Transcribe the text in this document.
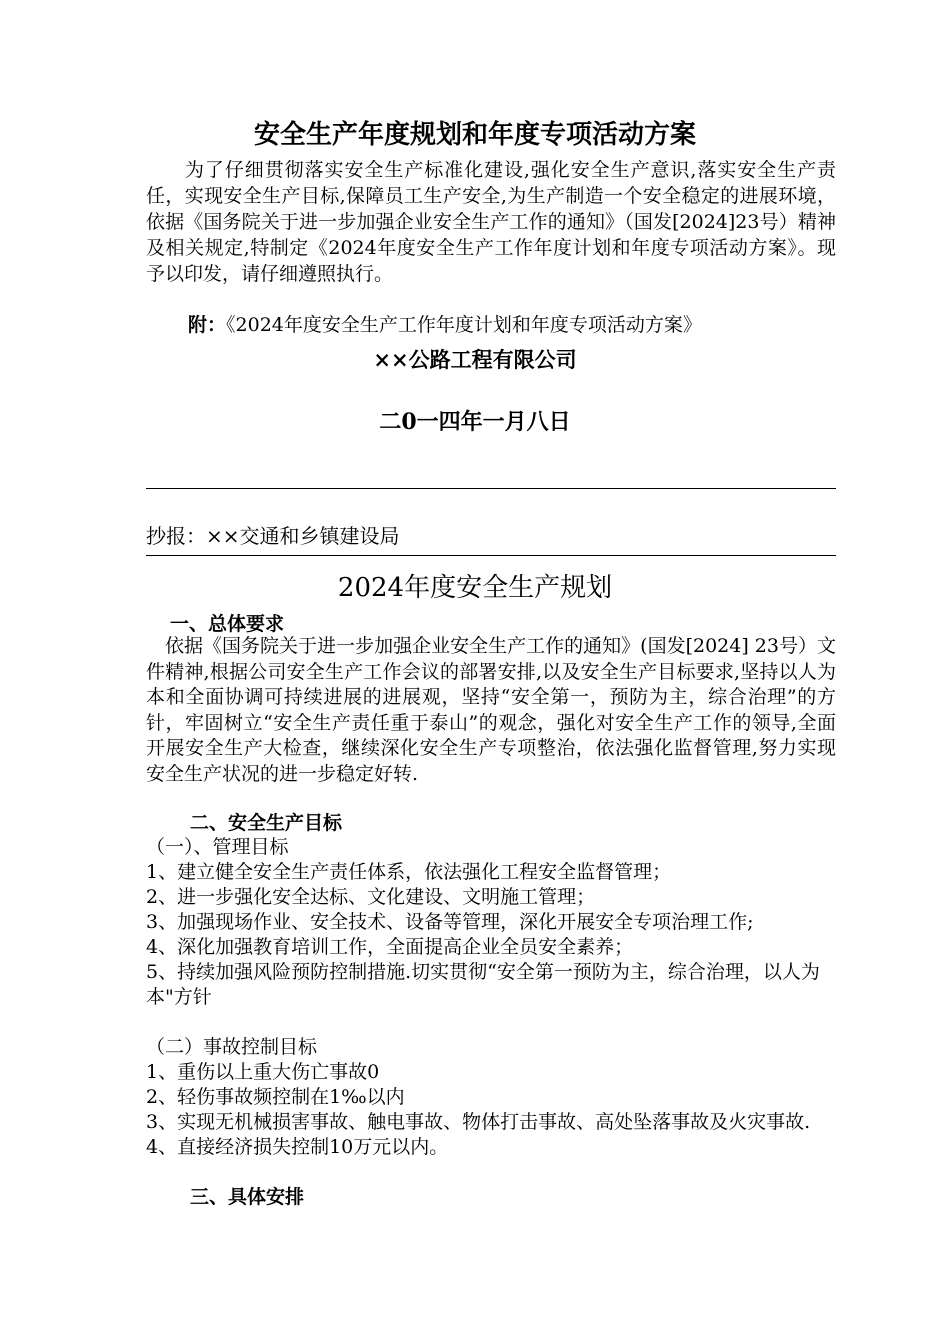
安全生产年度规划和年度专项活动方案
为了仔细贯彻落实安全生产标准化建设,强化安全生产意识,落实安全生产责任，实现安全生产目标,保障员工生产安全,为生产制造一个安全稳定的进展环境，依据《国务院关于进一步加强企业安全生产工作的通知》（国发[2024]23号）精神及相关规定,特制定《2024年度安全生产工作年度计划和年度专项活动方案》。现予以印发，请仔细遵照执行。
附：《2024年度安全生产工作年度计划和年度专项活动方案》
××公路工程有限公司
二0一四年一月八日
抄报：××交通和乡镇建设局
2024年度安全生产规划
一、总体要求
依据《国务院关于进一步加强企业安全生产工作的通知》(国发[2024] 23号）文件精神,根据公司安全生产工作会议的部署安排,以及安全生产目标要求,坚持以人为本和全面协调可持续进展的进展观，坚持“安全第一，预防为主，综合治理”的方针，牢固树立“安全生产责任重于泰山”的观念，强化对安全生产工作的领导,全面开展安全生产大检查，继续深化安全生产专项整治，依法强化监督管理,努力实现安全生产状况的进一步稳定好转.
二、安全生产目标
（一）、管理目标
1、建立健全安全生产责任体系，依法强化工程安全监督管理；
2、进一步强化安全达标、文化建设、文明施工管理；
3、加强现场作业、安全技术、设备等管理，深化开展安全专项治理工作;
4、深化加强教育培训工作，全面提高企业全员安全素养；
5、持续加强风险预防控制措施.切实贯彻“安全第一预防为主，综合治理，以人为本"方针
（二）事故控制目标
1、重伤以上重大伤亡事故0
2、轻伤事故频控制在1‰以内
3、实现无机械损害事故、触电事故、物体打击事故、高处坠落事故及火灾事故.
4、直接经济损失控制10万元以内。
三、具体安排
